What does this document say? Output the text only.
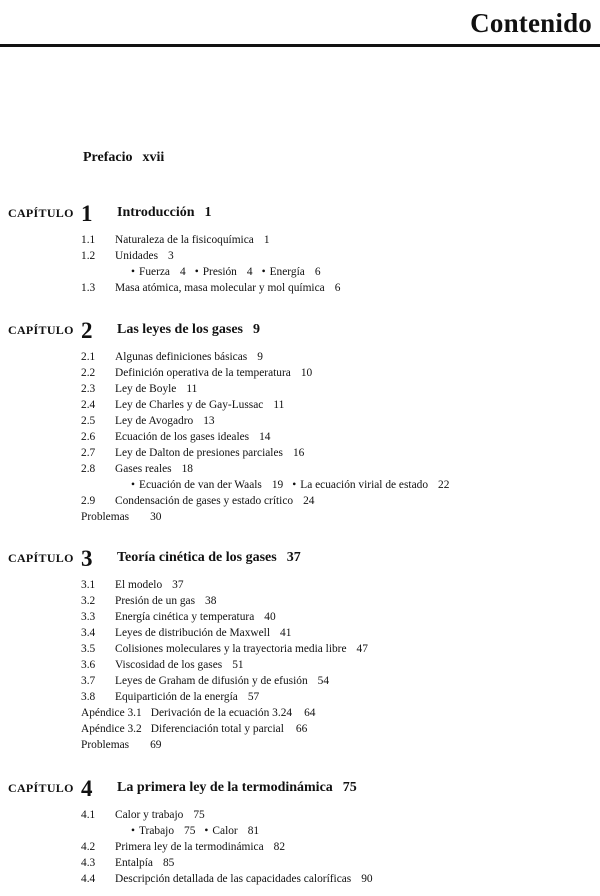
Contenido
Prefacio xvii
CAPÍTULO 1 Introducción 1
1.1 Naturaleza de la fisicoquímica 1
1.2 Unidades 3
• Fuerza 4 • Presión 4 • Energía 6
1.3 Masa atómica, masa molecular y mol química 6
CAPÍTULO 2 Las leyes de los gases 9
2.1 Algunas definiciones básicas 9
2.2 Definición operativa de la temperatura 10
2.3 Ley de Boyle 11
2.4 Ley de Charles y de Gay-Lussac 11
2.5 Ley de Avogadro 13
2.6 Ecuación de los gases ideales 14
2.7 Ley de Dalton de presiones parciales 16
2.8 Gases reales 18
• Ecuación de van der Waals 19 • La ecuación virial de estado 22
2.9 Condensación de gases y estado crítico 24
Problemas 30
CAPÍTULO 3 Teoría cinética de los gases 37
3.1 El modelo 37
3.2 Presión de un gas 38
3.3 Energía cinética y temperatura 40
3.4 Leyes de distribución de Maxwell 41
3.5 Colisiones moleculares y la trayectoria media libre 47
3.6 Viscosidad de los gases 51
3.7 Leyes de Graham de difusión y de efusión 54
3.8 Equipartición de la energía 57
Apéndice 3.1 Derivación de la ecuación 3.24 64
Apéndice 3.2 Diferenciación total y parcial 66
Problemas 69
CAPÍTULO 4 La primera ley de la termodinámica 75
4.1 Calor y trabajo 75
• Trabajo 75 • Calor 81
4.2 Primera ley de la termodinámica 82
4.3 Entalpía 85
4.4 Descripción detallada de las capacidades caloríficas 90
